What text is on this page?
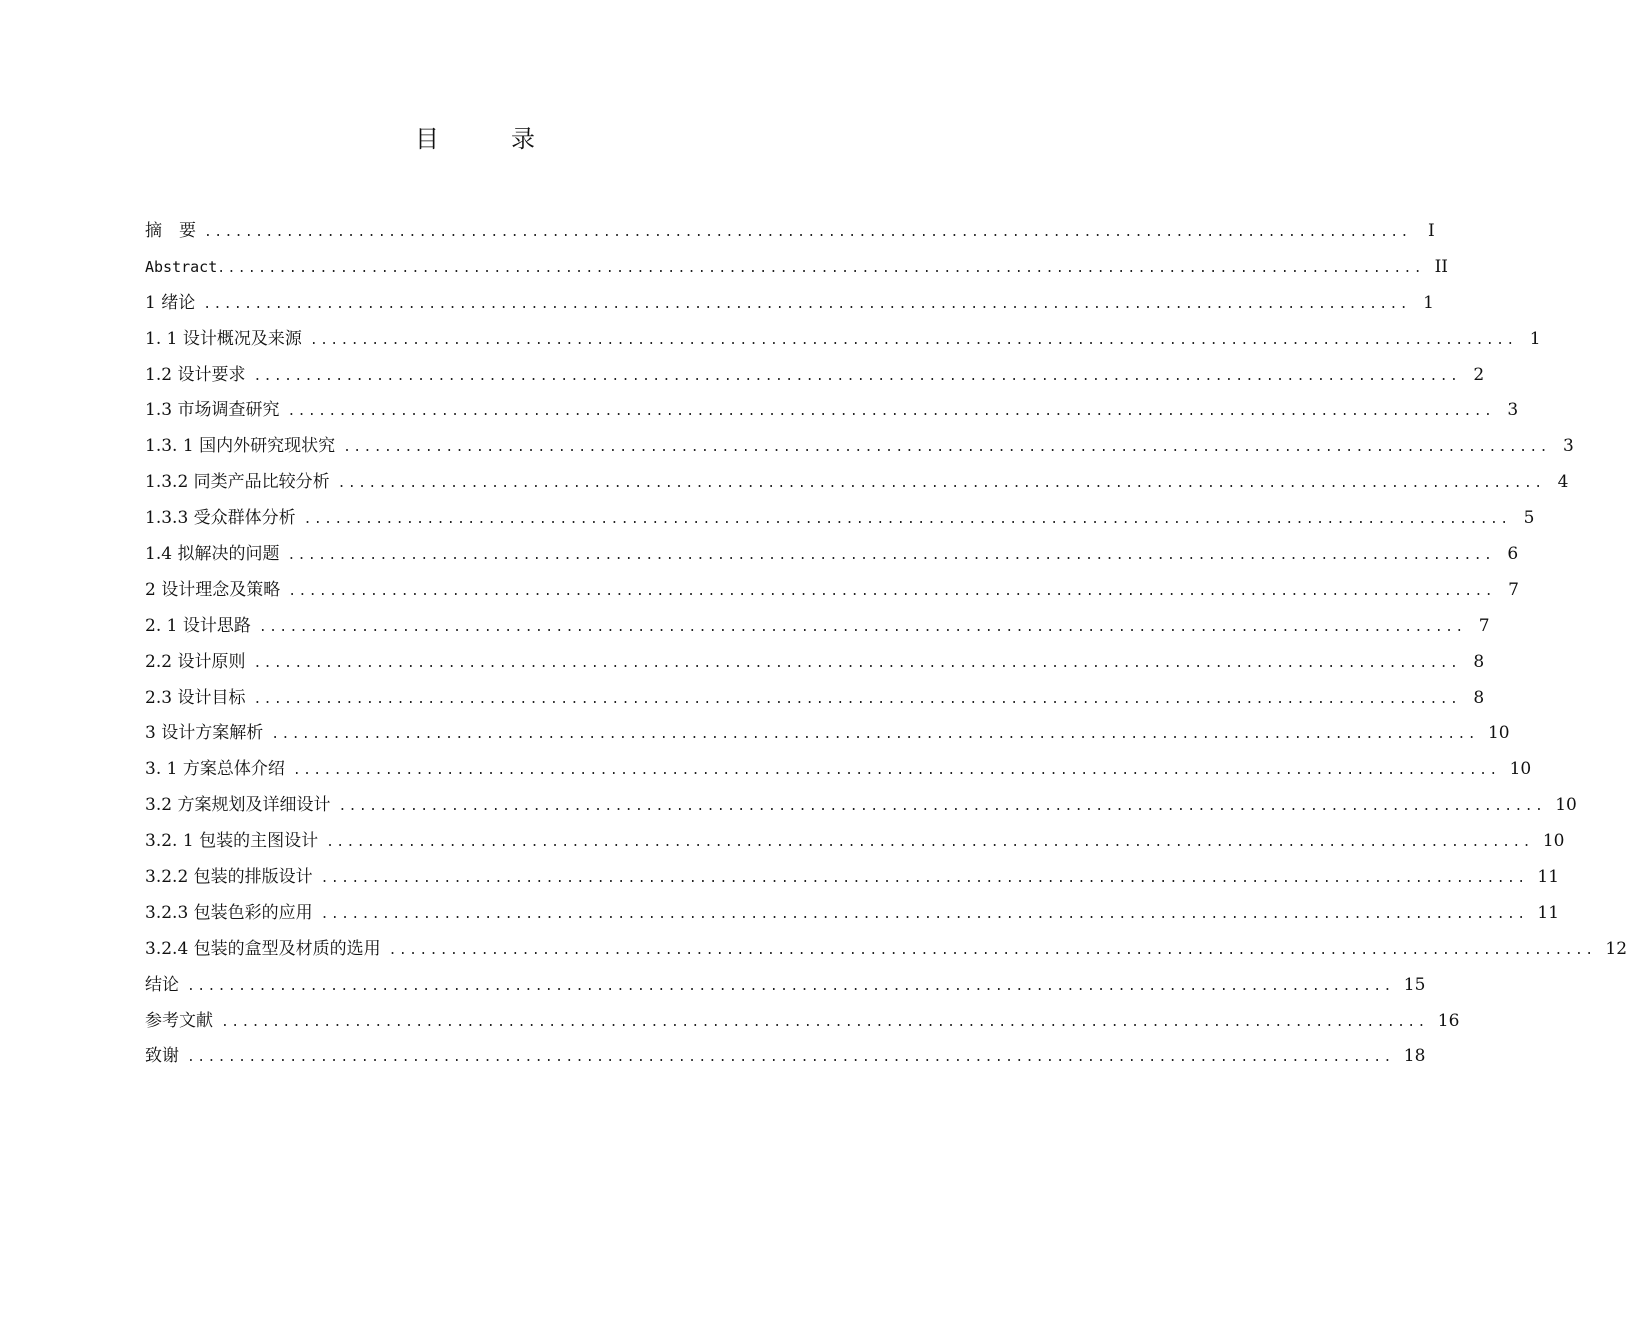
目　录
摘　要 ......................................................................................................................	I
Abstract ...................................................................................................................... II
1 绪论 ...................................................................................................................... 1
1. 1 设计概况及来源 ...................................................................................................................... 1
1.2 设计要求 ...................................................................................................................... 2
1.3 市场调查研究 ...................................................................................................................... 3
1.3. 1 国内外研究现状究 ...................................................................................................................... 3
1.3.2 同类产品比较分析 ...................................................................................................................... 4
1.3.3 受众群体分析 ...................................................................................................................... 5
1.4 拟解决的问题 ...................................................................................................................... 6
2 设计理念及策略 ...................................................................................................................... 7
2. 1 设计思路 ...................................................................................................................... 7
2.2 设计原则 ...................................................................................................................... 8
2.3 设计目标 ...................................................................................................................... 8
3 设计方案解析 ...................................................................................................................... 10
3. 1 方案总体介绍 ...................................................................................................................... 10
3.2 方案规划及详细设计 ...................................................................................................................... 10
3.2. 1 包装的主图设计 ...................................................................................................................... 10
3.2.2 包装的排版设计 ...................................................................................................................... 11
3.2.3 包装色彩的应用 ...................................................................................................................... 11
3.2.4 包装的盒型及材质的选用 ...................................................................................................................... 12
结论 ...................................................................................................................... 15
参考文献 ...................................................................................................................... 16
致谢 ...................................................................................................................... 18
